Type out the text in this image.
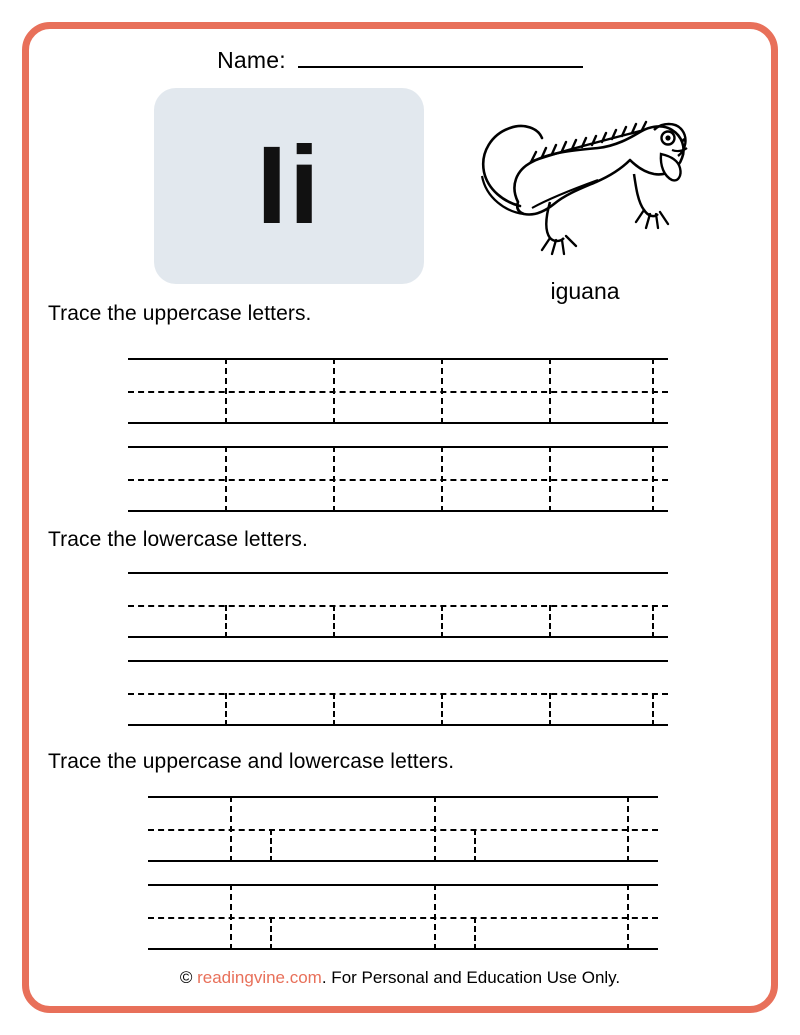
Name:
Ii
iguana
Trace the uppercase letters.
Trace the lowercase letters.
Trace the uppercase and lowercase letters.
© readingvine.com. For Personal and Education Use Only.
